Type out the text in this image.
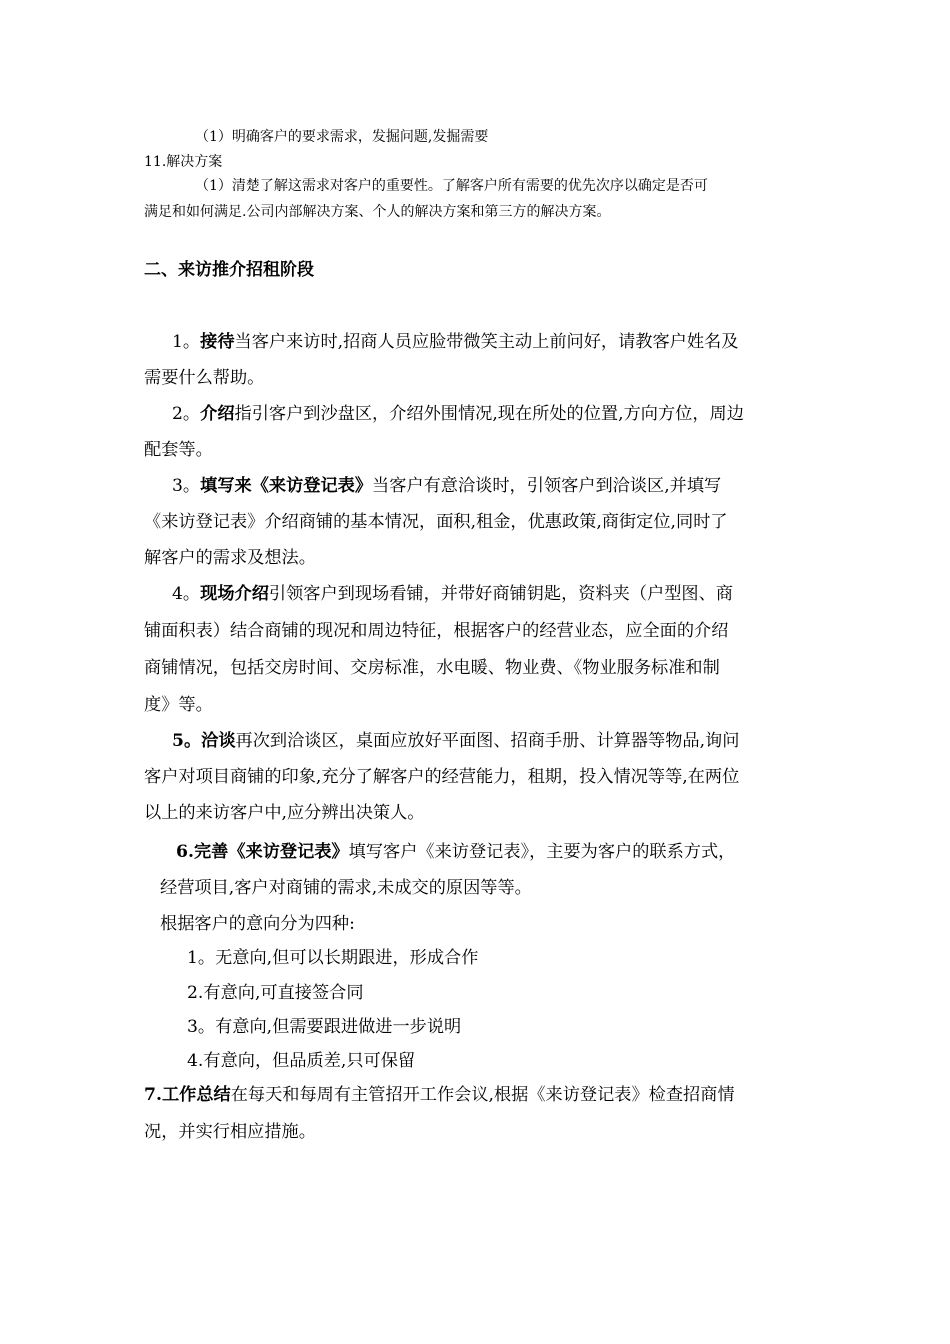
（1）明确客户的要求需求，发掘问题,发掘需要
11.解决方案
（1）清楚了解这需求对客户的重要性。了解客户所有需要的优先次序以确定是否可
满足和如何满足.公司内部解决方案、个人的解决方案和第三方的解决方案。
二、来访推介招租阶段
1。接待当客户来访时,招商人员应脸带微笑主动上前问好，请教客户姓名及
需要什么帮助。
2。介绍指引客户到沙盘区，介绍外围情况,现在所处的位置,方向方位，周边
配套等。
3。填写来《来访登记表》当客户有意洽谈时，引领客户到洽谈区,并填写
《来访登记表》介绍商铺的基本情况，面积,租金，优惠政策,商街定位,同时了
解客户的需求及想法。
4。现场介绍引领客户到现场看铺，并带好商铺钥匙，资料夹（户型图、商
铺面积表）结合商铺的现况和周边特征，根据客户的经营业态，应全面的介绍
商铺情况，包括交房时间、交房标准，水电暖、物业费、《物业服务标准和制
度》等。
5。洽谈再次到洽谈区，桌面应放好平面图、招商手册、计算器等物品,询问
客户对项目商铺的印象,充分了解客户的经营能力，租期，投入情况等等,在两位
以上的来访客户中,应分辨出决策人。
6.完善《来访登记表》填写客户《来访登记表》，主要为客户的联系方式，
经营项目,客户对商铺的需求,未成交的原因等等。
根据客户的意向分为四种:
1。无意向,但可以长期跟进，形成合作
2.有意向,可直接签合同
3。有意向,但需要跟进做进一步说明
4.有意向，但品质差,只可保留
7.工作总结在每天和每周有主管招开工作会议,根据《来访登记表》检查招商情
况，并实行相应措施。
